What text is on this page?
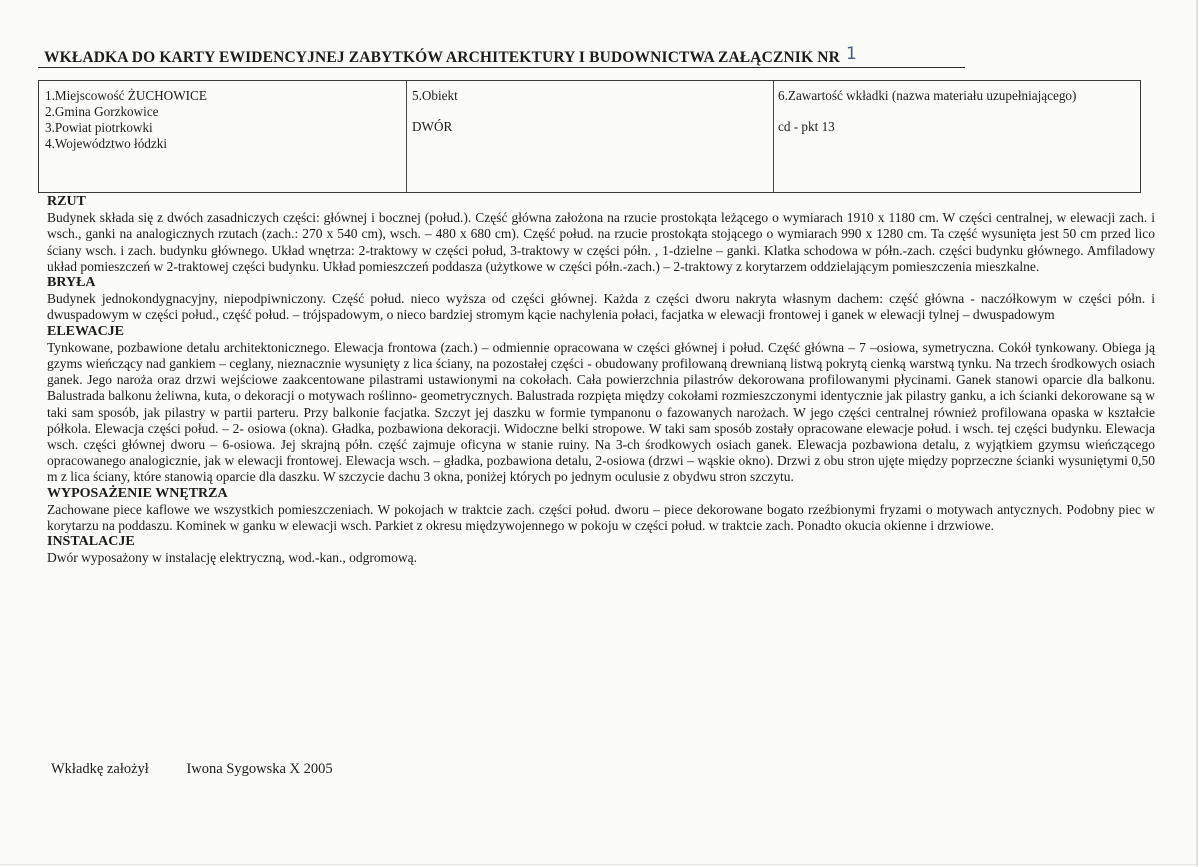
WKŁADKA DO KARTY EWIDENCYJNEJ ZABYTKÓW ARCHITEKTURY I BUDOWNICTWA ZAŁĄCZNIK NR 1
1.Miejscowość ŻUCHOWICE
2.Gmina Gorzkowice
3.Powiat piotrkowki
4.Województwo łódzki
5.Obiekt
DWÓR
6.Zawartość wkładki (nazwa materiału uzupełniającego)
cd - pkt 13
RZUT
Budynek składa się z dwóch zasadniczych części: głównej i bocznej (połud.). Część główna założona na rzucie prostokąta leżącego o wymiarach 1910 x 1180 cm. W części centralnej, w elewacji zach. i wsch., ganki na analogicznych rzutach (zach.: 270 x 540 cm), wsch. – 480 x 680 cm). Część połud. na rzucie prostokąta stojącego o wymiarach 990 x 1280 cm. Ta część wysunięta jest 50 cm przed lico ściany wsch. i zach. budynku głównego. Układ wnętrza: 2-traktowy w części połud, 3-traktowy w części półn. , 1-dzielne – ganki. Klatka schodowa w półn.-zach. części budynku głównego. Amfiladowy układ pomieszczeń w 2-traktowej części budynku. Układ pomieszczeń poddasza (użytkowe w części półn.-zach.) – 2-traktowy z korytarzem oddzielającym pomieszczenia mieszkalne.
BRYŁA
Budynek jednokondygnacyjny, niepodpiwniczony. Część połud. nieco wyższa od części głównej. Każda z części dworu nakryta własnym dachem: część główna - naczółkowym w części półn. i dwuspadowym w części połud., część połud. – trójspadowym, o nieco bardziej stromym kącie nachylenia połaci, facjatka w elewacji frontowej i ganek w elewacji tylnej – dwuspadowym
ELEWACJE
Tynkowane, pozbawione detalu architektonicznego. Elewacja frontowa (zach.) – odmiennie opracowana w części głównej i połud. Część główna – 7 –osiowa, symetryczna. Cokół tynkowany. Obiega ją gzyms wieńczący nad gankiem – ceglany, nieznacznie wysunięty z lica ściany, na pozostałej części - obudowany profilowaną drewnianą listwą pokrytą cienką warstwą tynku. Na trzech środkowych osiach ganek. Jego naroża oraz drzwi wejściowe zaakcentowane pilastrami ustawionymi na cokołach. Cała powierzchnia pilastrów dekorowana profilowanymi płycinami. Ganek stanowi oparcie dla balkonu. Balustrada balkonu żeliwna, kuta, o dekoracji o motywach roślinno- geometrycznych. Balustrada rozpięta między cokołami rozmieszczonymi identycznie jak pilastry ganku, a ich ścianki dekorowane są w taki sam sposób, jak pilastry w partii parteru. Przy balkonie facjatka. Szczyt jej daszku w formie tympanonu o fazowanych narożach. W jego części centralnej również profilowana opaska w kształcie półkola. Elewacja części połud. – 2- osiowa (okna). Gładka, pozbawiona dekoracji. Widoczne belki stropowe. W taki sam sposób zostały opracowane elewacje połud. i wsch. tej części budynku. Elewacja wsch. części głównej dworu – 6-osiowa. Jej skrajną półn. część zajmuje oficyna w stanie ruiny. Na 3-ch środkowych osiach ganek. Elewacja pozbawiona detalu, z wyjątkiem gzymsu wieńczącego opracowanego analogicznie, jak w elewacji frontowej. Elewacja wsch. – gładka, pozbawiona detalu, 2-osiowa (drzwi – wąskie okno). Drzwi z obu stron ujęte między poprzeczne ścianki wysuniętymi 0,50 m z lica ściany, które stanowią oparcie dla daszku. W szczycie dachu 3 okna, poniżej których po jednym oculusie z obydwu stron szczytu.
WYPOSAŻENIE WNĘTRZA
Zachowane piece kaflowe we wszystkich pomieszczeniach. W pokojach w traktcie zach. części połud. dworu – piece dekorowane bogato rzeźbionymi fryzami o motywach antycznych. Podobny piec w korytarzu na poddaszu. Kominek w ganku w elewacji wsch. Parkiet z okresu międzywojennego w pokoju w części połud. w traktcie zach. Ponadto okucia okienne i drzwiowe.
INSTALACJE
Dwór wyposażony w instalację elektryczną, wod.-kan., odgromową.
Wkładkę założył	Iwona Sygowska X 2005
